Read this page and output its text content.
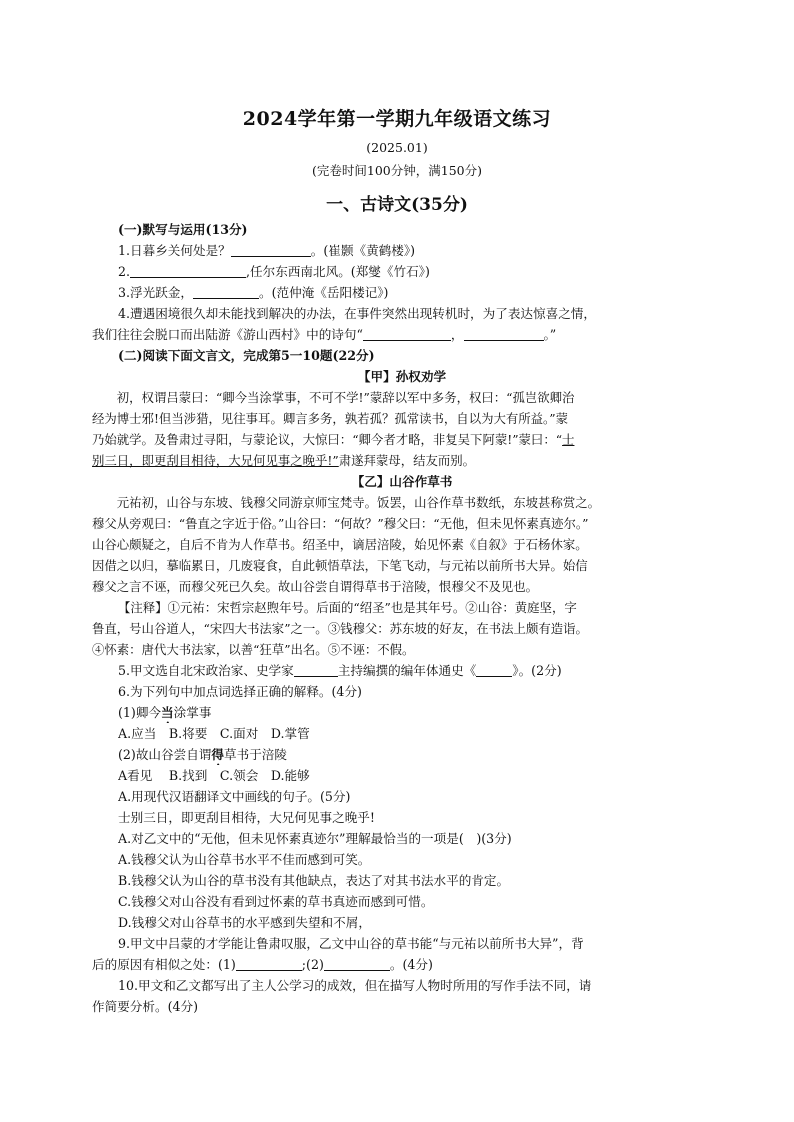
2024学年第一学期九年级语文练习
(2025.01)
(完卷时间100分钟，满150分)
一、古诗文(35分)
(一)默写与运用(13分)
1.日暮乡关何处是？	。(崔颢《黄鹤楼》)
2.	,任尔东西南北风。(郑燮《竹石》)
3.浮光跃金，	。(范仲淹《岳阳楼记》)
4.遭遇困境很久却未能找到解决的办法，在事件突然出现转机时，为了表达惊喜之情，
我们往往会脱口而出陆游《游山西村》中的诗句“	，	。”
(二)阅读下面文言文，完成第5一10题(22分)
【甲】孙权劝学
　　初，权谓吕蒙曰：“卿今当涂掌事，不可不学!”蒙辞以军中多务，权曰：“孤岂欲卿治
经为博士邪!但当涉猎，见往事耳。卿言多务，孰若孤？孤常读书，自以为大有所益。”蒙
乃始就学。及鲁肃过寻阳，与蒙论议，大惊曰：“卿今者才略，非复吴下阿蒙!”蒙曰：“士
别三日，即更刮目相待，大兄何见事之晚乎!”肃遂拜蒙母，结友而别。
【乙】山谷作草书
　　元祐初，山谷与东坡、钱穆父同游京师宝梵寺。饭罢，山谷作草书数纸，东坡甚称赏之。
穆父从旁观曰：“鲁直之字近于俗。”山谷曰：“何故？”穆父曰：“无他，但未见怀素真迹尔。”
山谷心颇疑之，自后不肯为人作草书。绍圣中，谪居涪陵，始见怀素《自叙》于石杨休家。
因借之以归，摹临累日，几废寝食，自此顿悟草法，下笔飞动，与元祐以前所书大异。始信
穆父之言不诬，而穆父死已久矣。故山谷尝自谓得草书于涪陵，恨穆父不及见也。
【注释】①元祐：宋哲宗赵煦年号。后面的“绍圣”也是其年号。②山谷：黄庭坚，字
鲁直，号山谷道人，“宋四大书法家”之一。③钱穆父：苏东坡的好友，在书法上颇有造诣。
④怀素：唐代大书法家，以善“狂草”出名。⑤不诬：不假。
5.甲文选自北宋政治家、史学家	主持编撰的编年体通史《	》。(2分)
6.为下列句中加点词选择正确的解释。(4分)
(1)卿今当涂掌事
A.应当　B.将要　C.面对　D.掌管
(2)故山谷尝自谓得草书于涪陵
A看见　 B.找到　C.领会　D.能够
A.用现代汉语翻译文中画线的句子。(5分)
士别三日，即更刮目相待，大兄何见事之晚乎!
A.对乙文中的“无他，但未见怀素真迹尔”理解最恰当的一项是(　)(3分)
A.钱穆父认为山谷草书水平不佳而感到可笑。
B.钱穆父认为山谷的草书没有其他缺点，表达了对其书法水平的肯定。
C.钱穆父对山谷没有看到过怀素的草书真迹而感到可惜。
D.钱穆父对山谷草书的水平感到失望和不屑，
9.甲文中吕蒙的才学能让鲁肃叹服，乙文中山谷的草书能“与元祐以前所书大异”，背
后的原因有相似之处：(1)	;(2)	。(4分)
10.甲文和乙文都写出了主人公学习的成效，但在描写人物时所用的写作手法不同，请
作简要分析。(4分)
